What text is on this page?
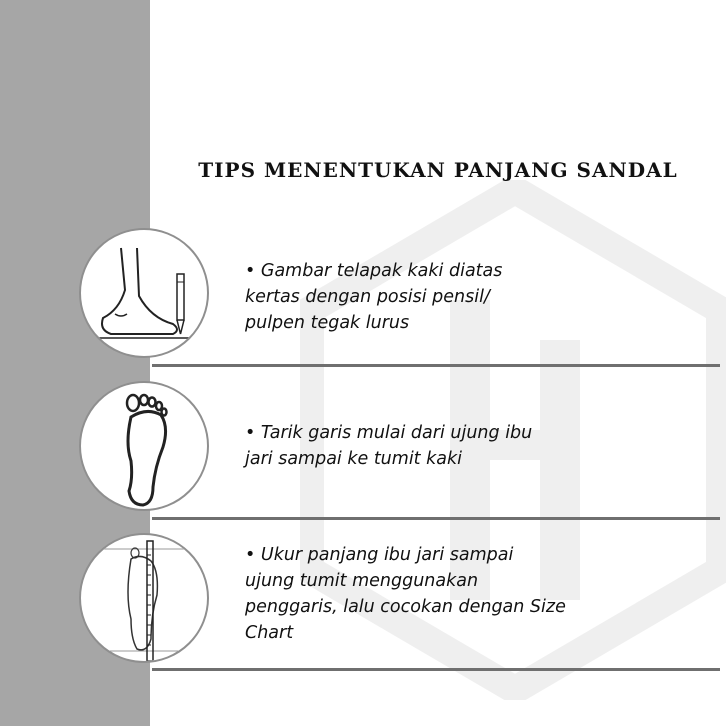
TIPS MENENTUKAN PANJANG SANDAL
• Gambar telapak kaki diatas
kertas dengan posisi pensil/
pulpen tegak lurus
• Tarik garis mulai dari ujung ibu
jari sampai ke tumit kaki
• Ukur panjang ibu jari sampai
ujung tumit menggunakan
penggaris, lalu cocokan dengan Size
Chart
